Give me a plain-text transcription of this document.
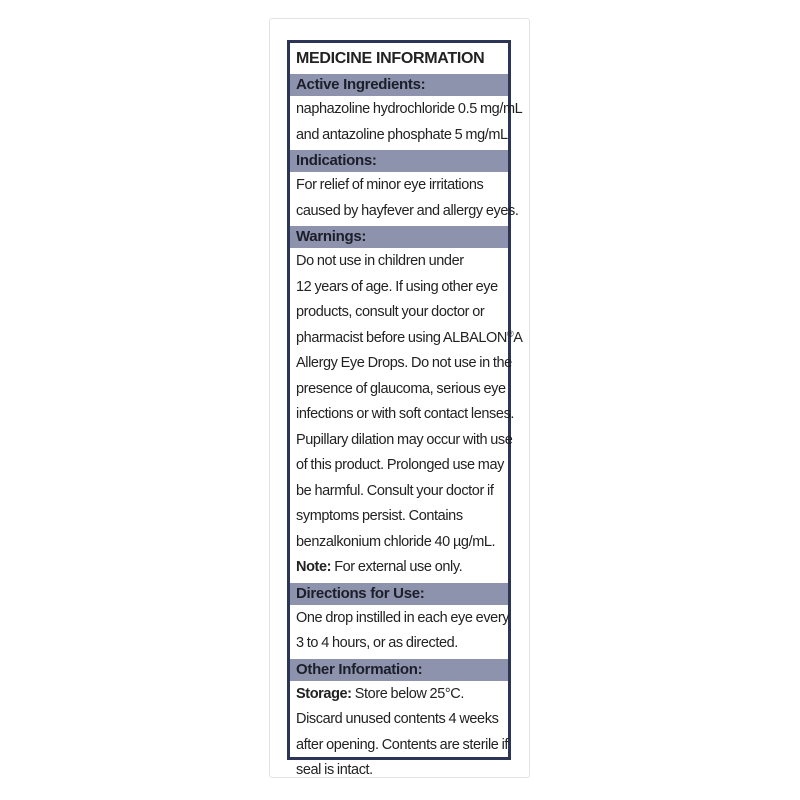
MEDICINE INFORMATION
Active Ingredients:
naphazoline hydrochloride 0.5 mg/mL
and antazoline phosphate 5 mg/mL
Indications:
For relief of minor eye irritations
caused by hayfever and allergy eyes.
Warnings:
Do not use in children under
12 years of age. If using other eye
products, consult your doctor or
pharmacist before using ALBALON®A
Allergy Eye Drops. Do not use in the
presence of glaucoma, serious eye
infections or with soft contact lenses.
Pupillary dilation may occur with use
of this product. Prolonged use may
be harmful. Consult your doctor if
symptoms persist. Contains
benzalkonium chloride 40 µg/mL.
Note: For external use only.
Directions for Use:
One drop instilled in each eye every
3 to 4 hours, or as directed.
Other Information:
Storage: Store below 25°C.
Discard unused contents 4 weeks
after opening. Contents are sterile if
seal is intact.
